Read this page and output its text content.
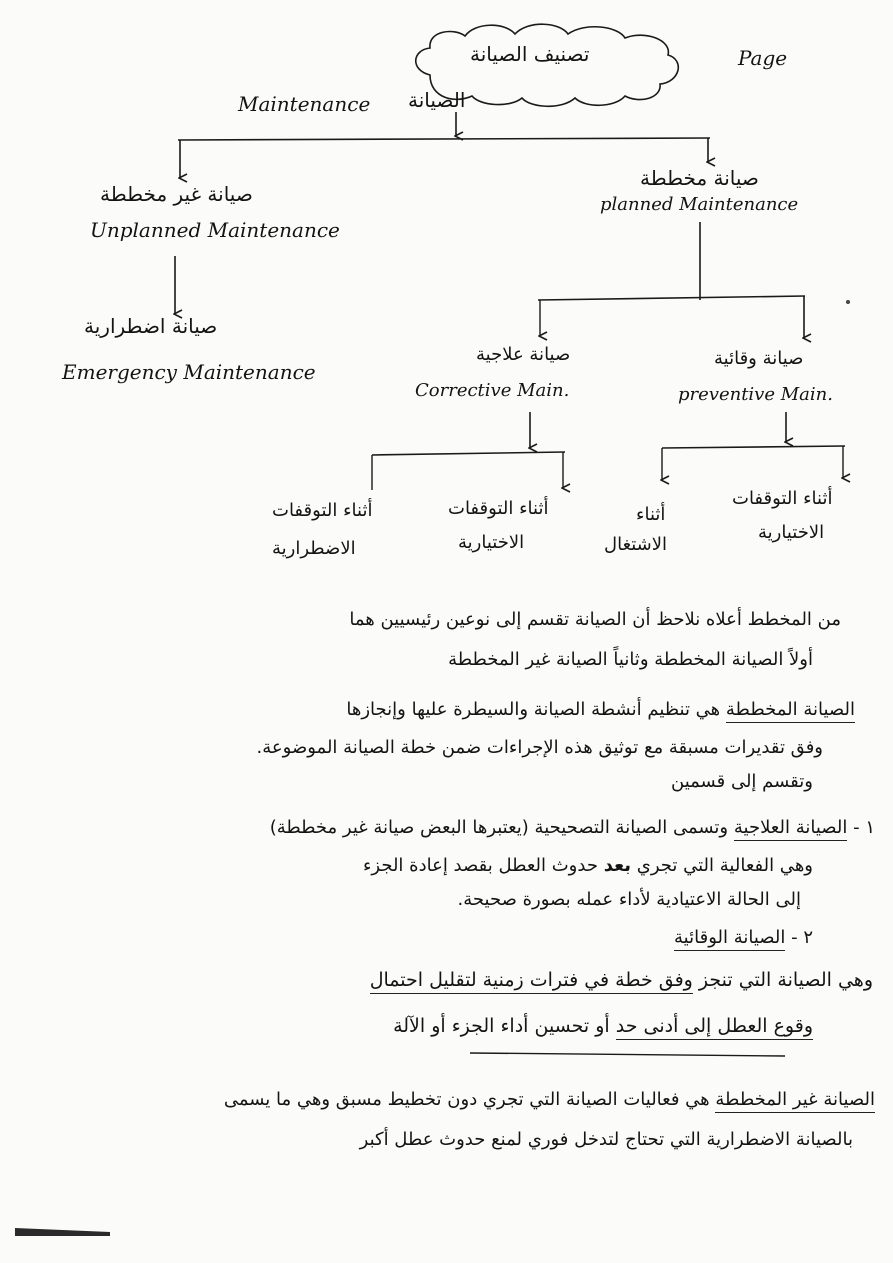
تصنيف الصيانة	Page
Maintenance الصيانة
صيانة مخططة
planned Maintenance
صيانة غير مخططة
Unplanned Maintenance
صيانة اضطرارية
Emergency Maintenance
صيانة علاجية
Corrective Main.
صيانة وقائية
preventive Main.
أثناء التوقفات
الاضطرارية
أثناء التوقفات
الاختيارية
أثناء
الاشتغال
أثناء التوقفات
الاختيارية
من المخطط أعلاه نلاحظ أن الصيانة تقسم إلى نوعين رئيسيين هما
أولاً الصيانة المخططة وثانياً الصيانة غير المخططة
الصيانة المخططة هي تنظيم أنشطة الصيانة والسيطرة عليها وإنجازها
وفق تقديرات مسبقة مع توثيق هذه الإجراءات ضمن خطة الصيانة الموضوعة.
وتقسم إلى قسمين
١ - الصيانة العلاجية وتسمى الصيانة التصحيحية (يعتبرها البعض صيانة غير مخططة)
وهي الفعالية التي تجري بعد حدوث العطل بقصد إعادة الجزء
إلى الحالة الاعتيادية لأداء عمله بصورة صحيحة.
٢ - الصيانة الوقائية
وهي الصيانة التي تنجز وفق خطة في فترات زمنية لتقليل احتمال
وقوع العطل إلى أدنى حد أو تحسين أداء الجزء أو الآلة
الصيانة غير المخططة هي فعاليات الصيانة التي تجري دون تخطيط مسبق وهي ما يسمى
بالصيانة الاضطرارية التي تحتاج لتدخل فوري لمنع حدوث عطل أكبر
